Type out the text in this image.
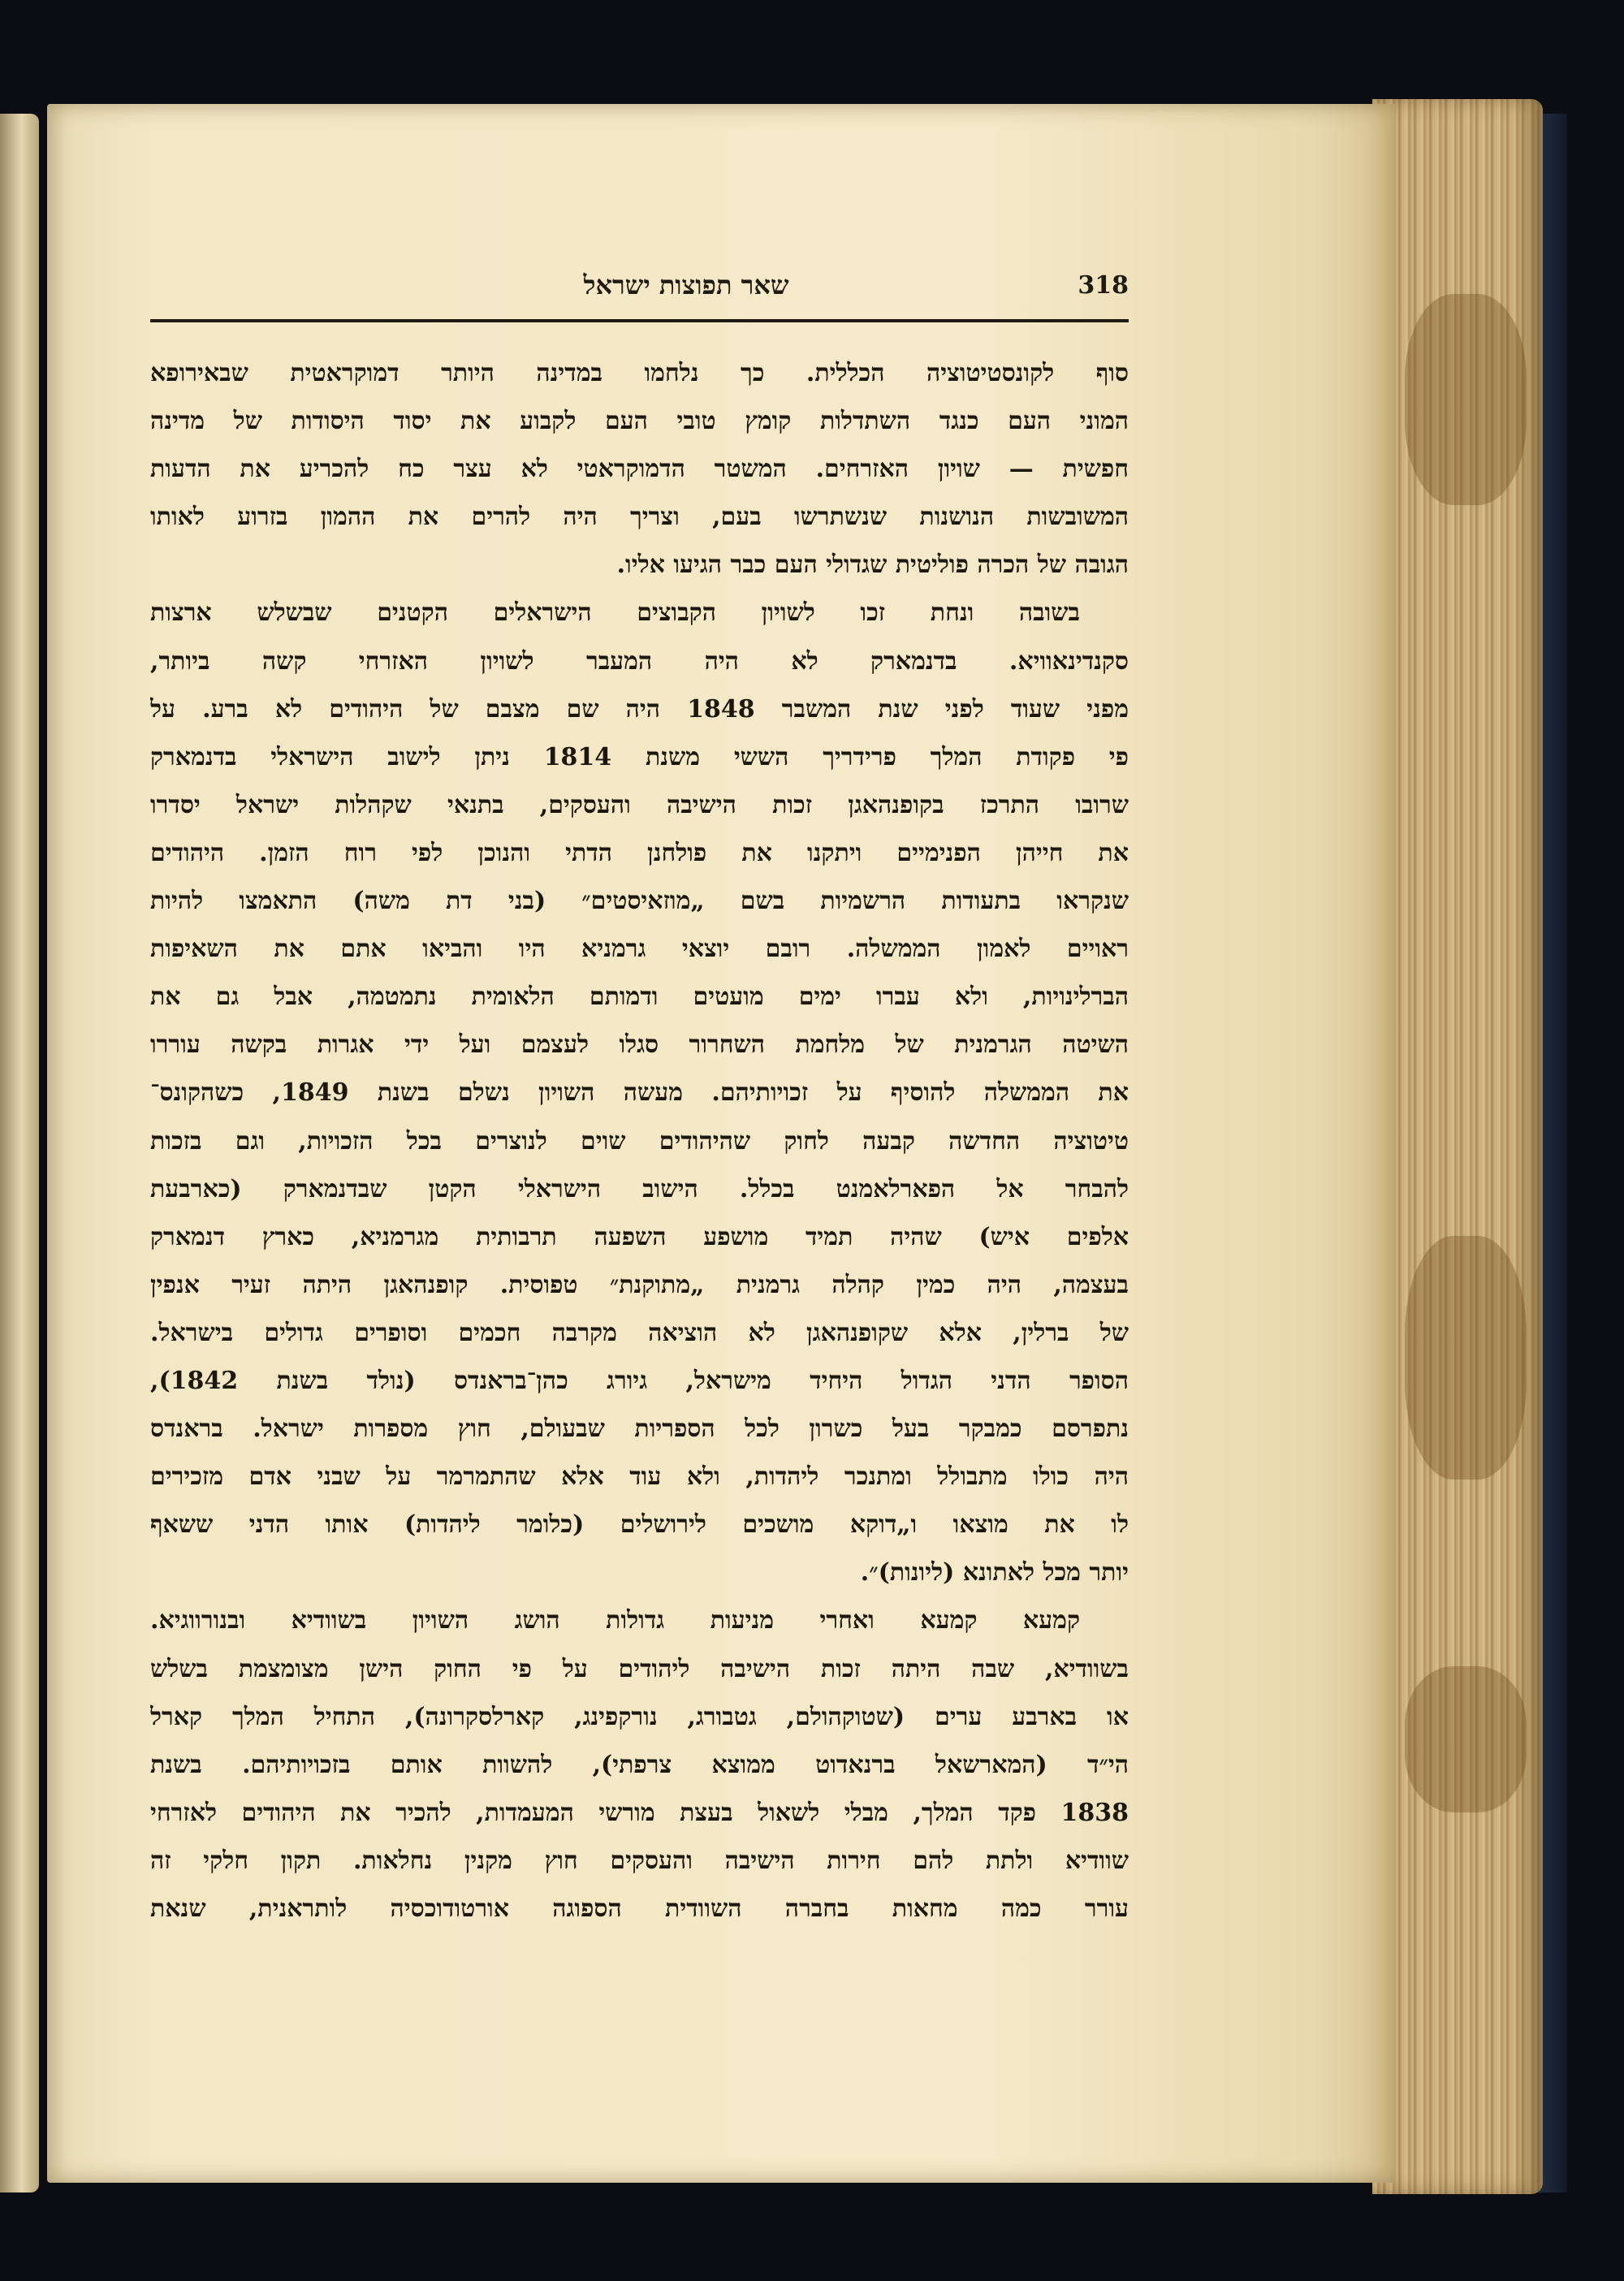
שאר תפוצות ישראל	318
סוף לקונסטיטוציה הכללית. כך נלחמו במדינה היותר דמוקראטית שבאירופא
המוני העם כנגד השתדלות קומץ טובי העם לקבוע את יסוד היסודות של מדינה
חפשית — שויון האזרחים. המשטר הדמוקראטי לא עצר כח להכריע את הדעות
המשובשות הנושנות שנשתרשו בעם, וצריך היה להרים את ההמון בזרוע לאותו
הגובה של הכרה פוליטית שגדולי העם כבר הגיעו אליו.
בשובה ונחת זכו לשויון הקבוצים הישראלים הקטנים שבשלש ארצות
סקנדינאוויא. בדנמארק לא היה המעבר לשויון האזרחי קשה ביותר,
מפני שעוד לפני שנת המשבר 1848 היה שם מצבם של היהודים לא ברע. על
פי פקודת המלך פרידריך הששי משנת 1814 ניתן לישוב הישראלי בדנמארק
שרובו התרכז בקופנהאגן זכות הישיבה והעסקים, בתנאי שקהלות ישראל יסדרו
את חייהן הפנימיים ויתקנו את פולחנן הדתי והנוכן לפי רוח הזמן. היהודים
שנקראו בתעודות הרשמיות בשם „מוזאיסטים״ (בני דת משה) התאמצו להיות
ראויים לאמון הממשלה. רובם יוצאי גרמניא היו והביאו אתם את השאיפות
הברלינויות, ולא עברו ימים מועטים ודמותם הלאומית נתמטמה, אבל גם את
השיטה הגרמנית של מלחמת השחרור סגלו לעצמם ועל ידי אגרות בקשה עוררו
את הממשלה להוסיף על זכויותיהם. מעשה השויון נשלם בשנת 1849, כשהקונס־
טיטוציה החדשה קבעה לחוק שהיהודים שוים לנוצרים בכל הזכויות, וגם בזכות
להבחר אל הפארלאמנט בכלל. הישוב הישראלי הקטן שבדנמארק (כארבעת
אלפים איש) שהיה תמיד מושפע השפעה תרבותית מגרמניא, כארץ דנמארק
בעצמה, היה כמין קהלה גרמנית „מתוקנת״ טפוסית. קופנהאגן היתה זעיר אנפין
של ברלין, אלא שקופנהאגן לא הוציאה מקרבה חכמים וסופרים גדולים בישראל.
הסופר הדני הגדול היחיד מישראל, גיורג כהן־בראנדס (נולד בשנת 1842),
נתפרסם כמבקר בעל כשרון לכל הספריות שבעולם, חוץ מספרות ישראל. בראנדס
היה כולו מתבולל ומתנכר ליהדות, ולא עוד אלא שהתמרמר על שבני אדם מזכירים
לו את מוצאו ו„דוקא מושכים לירושלים (כלומר ליהדות) אותו הדני ששאף
יותר מכל לאתונא (ליונות)״.
קמעא קמעא ואחרי מניעות גדולות הושג השויון בשוודיא ובנורווגיא.
בשוודיא, שבה היתה זכות הישיבה ליהודים על פי החוק הישן מצומצמת בשלש
או בארבע ערים (שטוקהולם, גטבורג, נורקפינג, קארלסקרונה), התחיל המלך קארל
הי״ד (המארשאל ברנאדוט ממוצא צרפתי), להשוות אותם בזכויותיהם. בשנת
1838 פקד המלך, מבלי לשאול בעצת מורשי המעמדות, להכיר את היהודים לאזרחי
שוודיא ולתת להם חירות הישיבה והעסקים חוץ מקנין נחלאות. תקון חלקי זה
עורר כמה מחאות בחברה השוודית הספוגה אורטודוכסיה לותראנית, שנאת
